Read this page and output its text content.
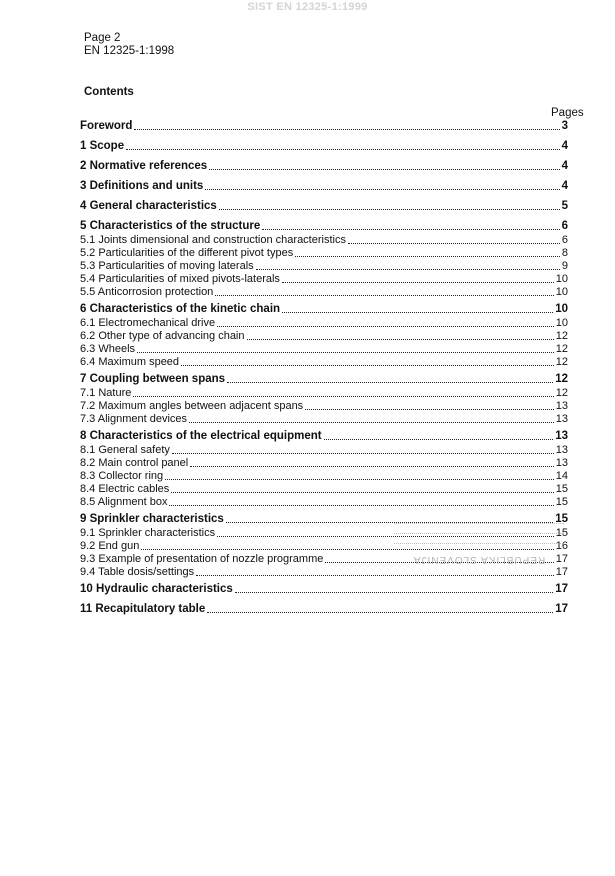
SIST EN 12325-1:1999
Page 2
EN 12325-1:1998
Contents
Pages
Foreword	3
1 Scope	4
2 Normative references	4
3 Definitions and units	4
4 General characteristics	5
5 Characteristics of the structure	6
5.1 Joints dimensional and construction characteristics	6
5.2 Particularities of the different pivot types	8
5.3 Particularities of moving laterals	9
5.4 Particularities of mixed pivots-laterals	10
5.5 Anticorrosion protection	10
6 Characteristics of the kinetic chain	10
6.1 Electromechanical drive	10
6.2 Other type of advancing chain	12
6.3 Wheels	12
6.4 Maximum speed	12
7 Coupling between spans	12
7.1 Nature	12
7.2 Maximum angles between adjacent spans	13
7.3 Alignment devices	13
8 Characteristics of the electrical equipment	13
8.1 General safety	13
8.2 Main control panel	13
8.3 Collector ring	14
8.4 Electric cables	15
8.5 Alignment box	15
9 Sprinkler characteristics	15
9.1 Sprinkler characteristics	15
9.2 End gun	16
9.3 Example of presentation of nozzle programme	17
9.4 Table dosis/settings	17
10 Hydraulic characteristics	17
11 Recapitulatory table	17
REPUBLIKA SLOVENIJA
